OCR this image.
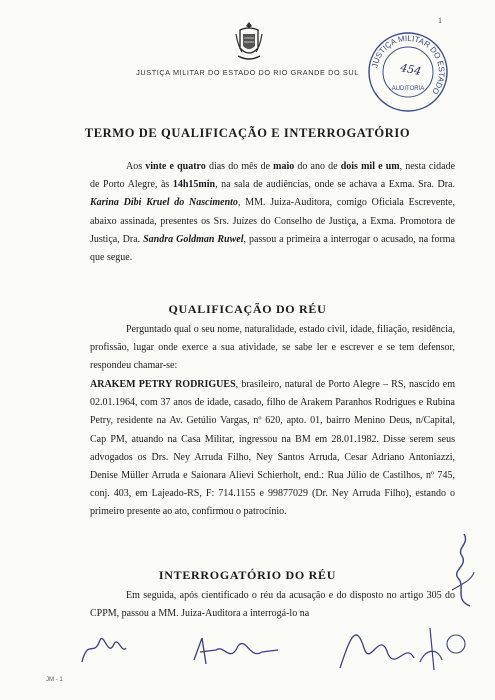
JUSTIÇA MILITAR DO ESTADO DO RIO GRANDE DO SUL
1
JUSTIÇA MILITAR DO ESTADO
AUDITORIA
454
TERMO DE QUALIFICAÇÃO E INTERROGATÓRIO
Aos vinte e quatro dias do mês de maio do ano de dois mil e um, nesta cidade de Porto Alegre, às 14h15min, na sala de audiências, onde se achava a Exma. Sra. Dra. Karina Dibi Kruel do Nascimento, MM. Juiza-Auditora, comigo Oficiala Escrevente, abaixo assinada, presentes os Srs. Juízes do Conselho de Justiça, a Exma. Promotora de Justiça, Dra. Sandra Goldman Ruwel, passou a primeira a interrogar o acusado, na forma que segue.
QUALIFICAÇÃO DO RÉU
Perguntado qual o seu nome, naturalidade, estado civil, idade, filiação, residência, profissão, lugar onde exerce a sua atividade, se sabe ler e escrever e se tem defensor, respondeu chamar-se:
ARAKEM PETRY RODRIGUES, brasileiro, natural de Porto Alegre – RS, nascido em 02.01.1964, com 37 anos de idade, casado, filho de Arakem Paranhos Rodrigues e Rubina Petry, residente na Av. Getúlio Vargas, nº 620, apto. 01, bairro Menino Deus, n/Capital, Cap PM, atuando na Casa Militar, ingressou na BM em 28.01.1982. Disse serem seus advogados os Drs. Ney Arruda Filho, Ney Santos Arruda, Cesar Adriano Antoniazzi, Denise Müller Arruda e Saionara Alievi Schierholt, end.: Rua Júlio de Castilhos, nº 745, conj. 403, em Lajeado-RS, F: 714.1155 e 99877029 (Dr. Ney Arruda Filho), estando o primeiro presente ao ato, confirmou o patrocínio.
INTERROGATÓRIO DO RÉU
Em seguida, após cientificado o réu da acusação e do disposto no artigo 305 do CPPM, passou a MM. Juiza-Auditora a interrogá-lo na
JM - 1
